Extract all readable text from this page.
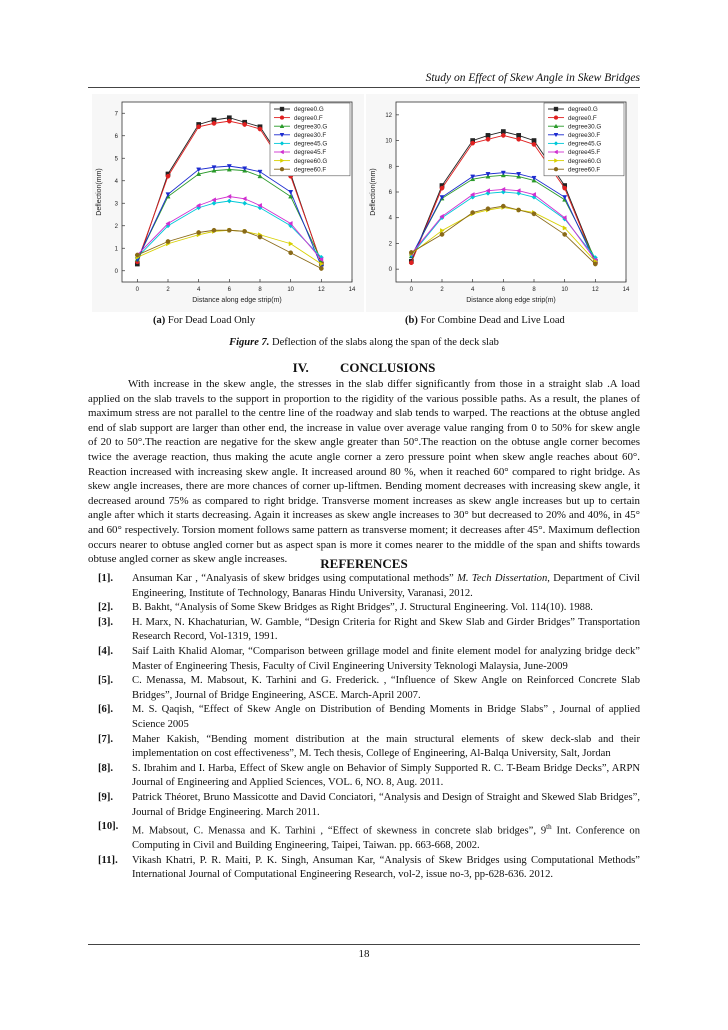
Study on Effect of Skew Angle in Skew Bridges
0	2	4	6	8	10	12	14
0
1
2
3
4
5
6
7
Distance along edge strip(m)
Deflection(mm)
degree0.G
degree0.F
degree30.G
degree30.F
degree45.G
degree45.F
degree60.G
degree60.F
0	2	4	6	8	10	12	14
0
2
4
6
8
10
12
Distance along edge strip(m)
Deflection(mm)
degree0.G
degree0.F
degree30.G
degree30.F
degree45.G
degree45.F
degree60.G
degree60.F
(a) For Dead Load Only	(b) For Combine Dead and Live Load
Figure 7. Deflection of the slabs along the span of the deck slab
IV. CONCLUSIONS

With increase in the skew angle, the stresses in the slab differ significantly from those in a straight slab .A load applied on the slab travels to the support in proportion to the rigidity of the various possible paths. As a result, the planes of maximum stress are not parallel to the centre line of the roadway and slab tends to warped. The reactions at the obtuse angled end of slab support are larger than other end, the increase in value over average value ranging from 0 to 50% for skew angle of 20 to 50°.The reaction are negative for the skew angle greater than 50°.The reaction on the obtuse angle corner becomes twice the average reaction, thus making the acute angle corner a zero pressure point when skew angle reaches about 60°. Reaction increased with increasing skew angle. It increased around 80 %, when it reached 60° compared to right bridge. As skew angle increases, there are more chances of corner up-liftmen. Bending moment decreases with increasing skew angle, it decreased around 75% as compared to right bridge. Transverse moment increases as skew angle increases but up to certain angle after which it starts decreasing. Again it increases as skew angle increases to 30° but decreased to 20% and 40%, in 45° and 60° respectively. Torsion moment follows same pattern as transverse moment; it decreases after 45°. Maximum deflection occurs nearer to obtuse angled corner but as aspect span is more it comes nearer to the middle of the span and shifts towards obtuse angled corner as skew angle increases.	REFERENCES
[1].	Ansuman Kar , “Analyasis of skew bridges using computational methods” M. Tech Dissertation, Department of Civil Engineering, Institute of Technology, Banaras Hindu University, Varanasi, 2012.
[2].	B. Bakht, “Analysis of Some Skew Bridges as Right Bridges”, J. Structural Engineering. Vol. 114(10). 1988.
[3].	H. Marx, N. Khachaturian, W. Gamble, “Design Criteria for Right and Skew Slab and Girder Bridges” Transportation Research Record, Vol-1319, 1991.
[4].	Saif Laith Khalid Alomar, “Comparison between grillage model and finite element model for analyzing bridge deck” Master of Engineering Thesis, Faculty of Civil Engineering University Teknologi Malaysia, June-2009
[5].	C. Menassa, M. Mabsout, K. Tarhini and G. Frederick. , “Influence of Skew Angle on Reinforced Concrete Slab Bridges”, Journal of Bridge Engineering, ASCE. March-April 2007.
[6].	M. S. Qaqish, “Effect of Skew Angle on Distribution of Bending Moments in Bridge Slabs” , Journal of applied Science 2005
[7].	Maher Kakish, “Bending moment distribution at the main structural elements of skew deck-slab and their implementation on cost effectiveness”, M. Tech thesis, College of Engineering, Al-Balqa University, Salt, Jordan
[8].	S. Ibrahim and I. Harba, Effect of Skew angle on Behavior of Simply Supported R. C. T-Beam Bridge Decks”, ARPN Journal of Engineering and Applied Sciences, VOL. 6, NO. 8, Aug. 2011.
[9].	Patrick Théoret, Bruno Massicotte and David Conciatori, “Analysis and Design of Straight and Skewed Slab Bridges”, Journal of Bridge Engineering. March 2011.
[10].	M. Mabsout, C. Menassa and K. Tarhini , “Effect of skewness in concrete slab bridges”, 9th Int. Conference on Computing in Civil and Building Engineering, Taipei, Taiwan. pp. 663-668, 2002.
[11].	Vikash Khatri, P. R. Maiti, P. K. Singh, Ansuman Kar, “Analysis of Skew Bridges using Computational Methods” International Journal of Computational Engineering Research, vol-2, issue no-3, pp-628-636. 2012.
18
